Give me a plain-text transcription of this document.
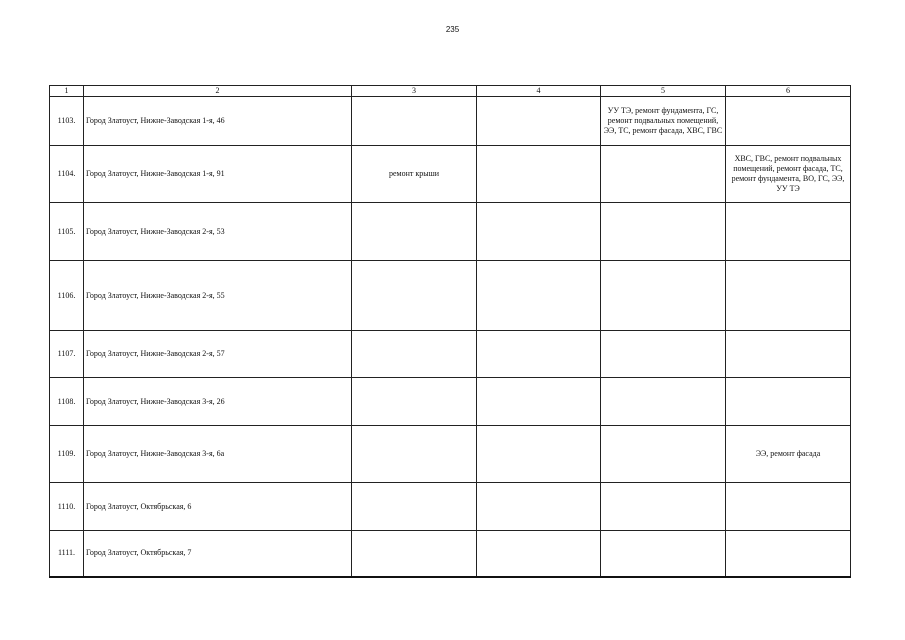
235
1	2	3	4	5	6
1103.	Город Златоуст, Нижне-Заводская 1-я, 46			УУ ТЭ, ремонт фундамента, ГС, ремонт подвальных помещений, ЭЭ, ТС, ремонт фасада, ХВС, ГВС	
1104.	Город Златоуст, Нижне-Заводская 1-я, 91	ремонт крыши			ХВС, ГВС, ремонт подвальных помещений, ремонт фасада, ТС, ремонт фундамента, ВО, ГС, ЭЭ, УУ ТЭ
1105.	Город Златоуст, Нижне-Заводская 2-я, 53				
1106.	Город Златоуст, Нижне-Заводская 2-я, 55				
1107.	Город Златоуст, Нижне-Заводская 2-я, 57				
1108.	Город Златоуст, Нижне-Заводская 3-я, 26				
1109.	Город Златоуст, Нижне-Заводская 3-я, 6а				ЭЭ, ремонт фасада
1110.	Город Златоуст, Октябрьская, 6				
1111.	Город Златоуст, Октябрьская, 7				
